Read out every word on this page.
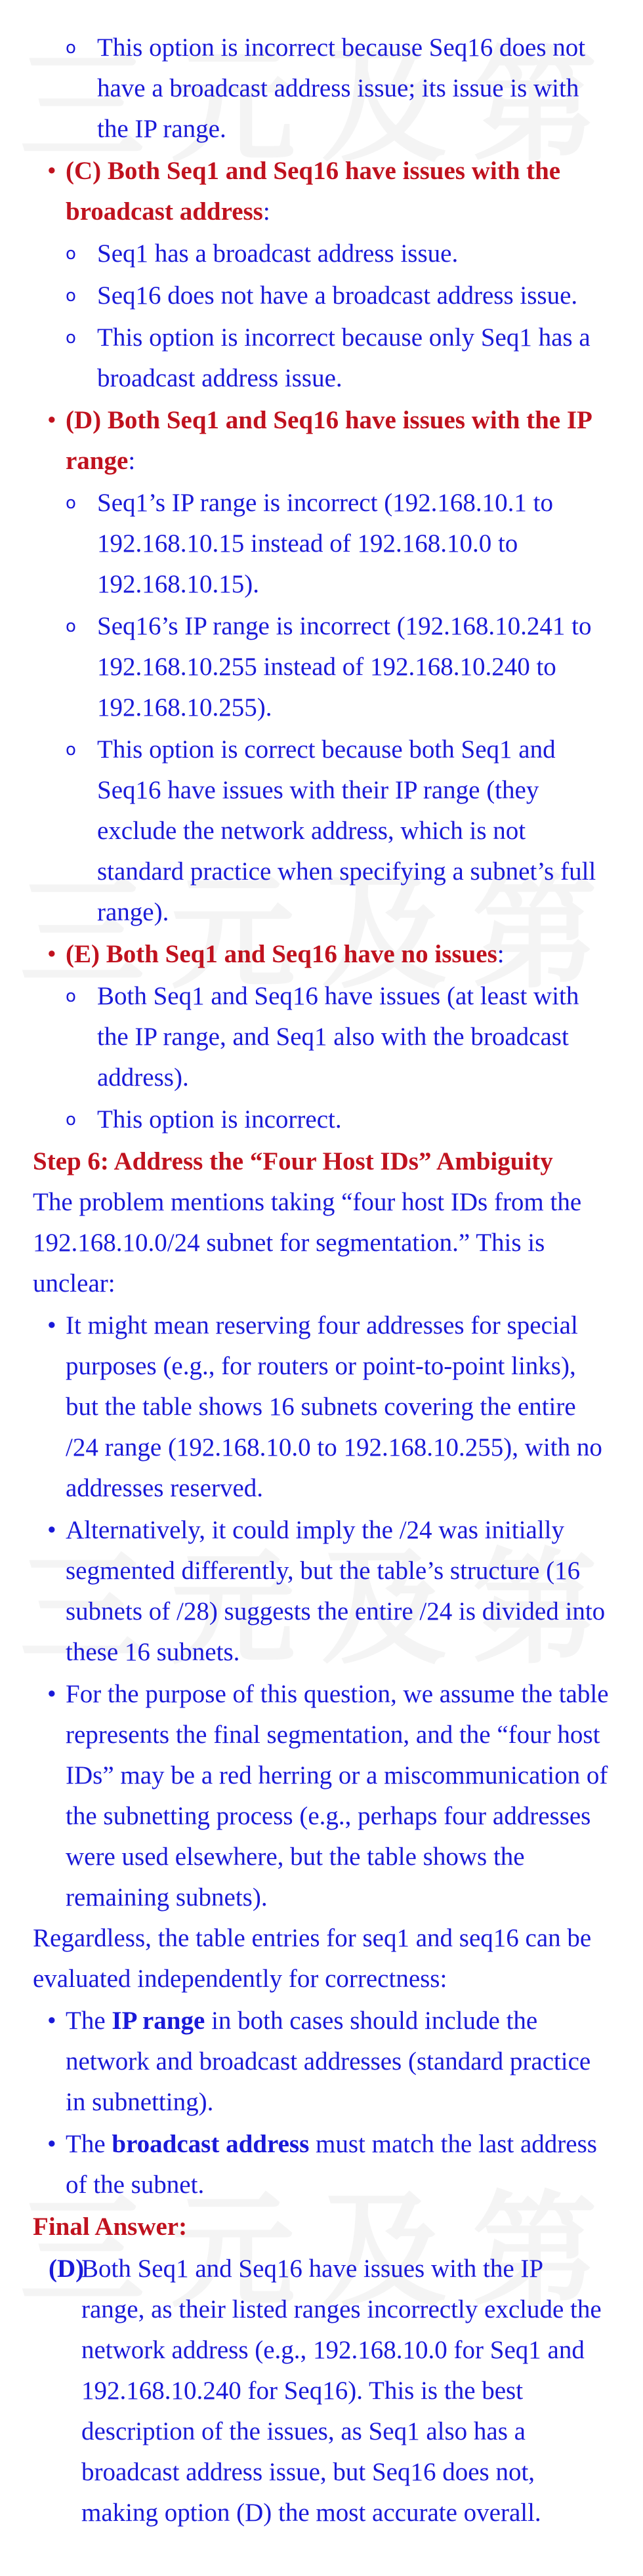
o This option is incorrect because Seq16 does not have a broadcast address issue; its issue is with the IP range.
• (C) Both Seq1 and Seq16 have issues with the broadcast address:
o Seq1 has a broadcast address issue.
o Seq16 does not have a broadcast address issue.
o This option is incorrect because only Seq1 has a broadcast address issue.
• (D) Both Seq1 and Seq16 have issues with the IP range:
o Seq1’s IP range is incorrect (192.168.10.1 to 192.168.10.15 instead of 192.168.10.0 to 192.168.10.15).
o Seq16’s IP range is incorrect (192.168.10.241 to 192.168.10.255 instead of 192.168.10.240 to 192.168.10.255).
o This option is correct because both Seq1 and Seq16 have issues with their IP range (they exclude the network address, which is not standard practice when specifying a subnet’s full range).
• (E) Both Seq1 and Seq16 have no issues:
o Both Seq1 and Seq16 have issues (at least with the IP range, and Seq1 also with the broadcast address).
o This option is incorrect.
Step 6: Address the “Four Host IDs” Ambiguity
The problem mentions taking “four host IDs from the 192.168.10.0/24 subnet for segmentation.” This is unclear:
• It might mean reserving four addresses for special purposes (e.g., for routers or point-to-point links), but the table shows 16 subnets covering the entire /24 range (192.168.10.0 to 192.168.10.255), with no addresses reserved.
• Alternatively, it could imply the /24 was initially segmented differently, but the table’s structure (16 subnets of /28) suggests the entire /24 is divided into these 16 subnets.
• For the purpose of this question, we assume the table represents the final segmentation, and the “four host IDs” may be a red herring or a miscommunication of the subnetting process (e.g., perhaps four addresses were used elsewhere, but the table shows the remaining subnets).
Regardless, the table entries for seq1 and seq16 can be evaluated independently for correctness:
• The IP range in both cases should include the network and broadcast addresses (standard practice in subnetting).
• The broadcast address must match the last address of the subnet.
Final Answer:
(D)
Both Seq1 and Seq16 have issues with the IP range, as their listed ranges incorrectly exclude the network address (e.g., 192.168.10.0 for Seq1 and 192.168.10.240 for Seq16). This is the best description of the issues, as Seq1 also has a broadcast address issue, but Seq16 does not, making option (D) the most accurate overall.
